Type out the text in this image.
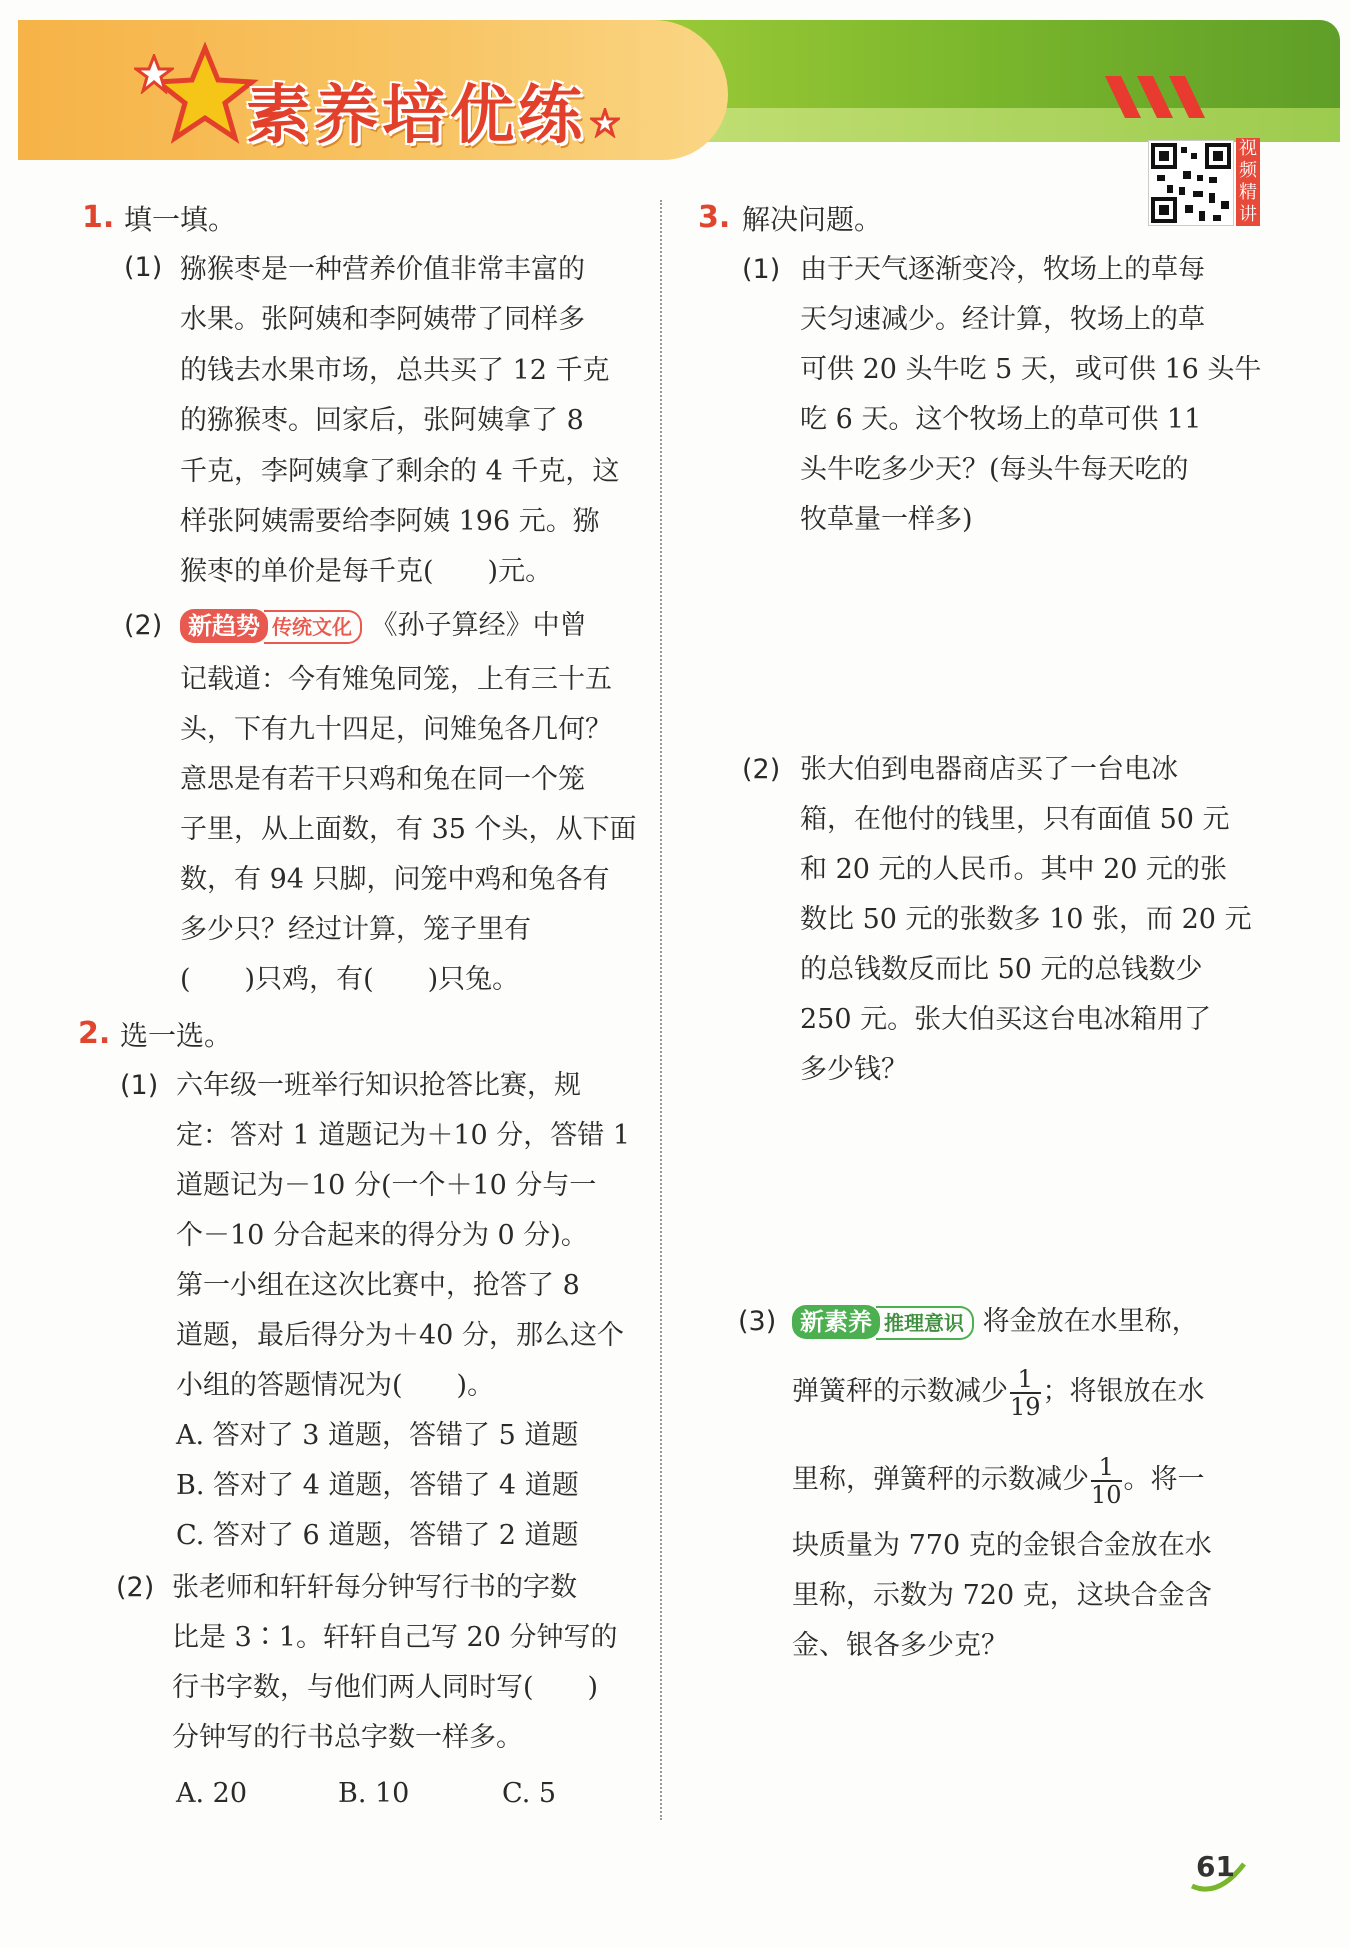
素养培优练	视频精讲
1. 填一填。
(1) 猕猴枣是一种营养价值非常丰富的
水果。张阿姨和李阿姨带了同样多
的钱去水果市场，总共买了 12 千克
的猕猴枣。回家后，张阿姨拿了 8
千克，李阿姨拿了剩余的 4 千克，这
样张阿姨需要给李阿姨 196 元。猕
猴枣的单价是每千克(　　)元。
(2)	新趋势 传统文化 《孙子算经》中曾
记载道：今有雉兔同笼，上有三十五
头，下有九十四足，问雉兔各几何？
意思是有若干只鸡和兔在同一个笼
子里，从上面数，有 35 个头，从下面
数，有 94 只脚，问笼中鸡和兔各有
多少只？经过计算，笼子里有
(　　)只鸡，有(　　)只兔。
2. 选一选。
(1) 六年级一班举行知识抢答比赛，规
定：答对 1 道题记为＋10 分，答错 1
道题记为－10 分(一个＋10 分与一
个－10 分合起来的得分为 0 分)。
第一小组在这次比赛中，抢答了 8
道题，最后得分为＋40 分，那么这个
小组的答题情况为(　　)。
A. 答对了 3 道题，答错了 5 道题
B. 答对了 4 道题，答错了 4 道题
C. 答对了 6 道题，答错了 2 道题
(2) 张老师和轩轩每分钟写行书的字数
比是 3∶1。轩轩自己写 20 分钟写的
行书字数，与他们两人同时写(　　)
分钟写的行书总字数一样多。
A. 20	B. 10	C. 5
3. 解决问题。
(1) 由于天气逐渐变冷，牧场上的草每
天匀速减少。经计算，牧场上的草
可供 20 头牛吃 5 天，或可供 16 头牛
吃 6 天。这个牧场上的草可供 11
头牛吃多少天？(每头牛每天吃的
牧草量一样多)
(2) 张大伯到电器商店买了一台电冰
箱，在他付的钱里，只有面值 50 元
和 20 元的人民币。其中 20 元的张
数比 50 元的张数多 10 张，而 20 元
的总钱数反而比 50 元的总钱数少
250 元。张大伯买这台电冰箱用了
多少钱？
(3) 新素养 推理意识 将金放在水里称，
弹簧秤的示数减少 $\frac{1}{19}$ ；将银放在水
里称，弹簧秤的示数减少 $\frac{1}{10}$ 。将一
块质量为 770 克的金银合金放在水
里称，示数为 720 克，这块合金含
金、银各多少克？
61
